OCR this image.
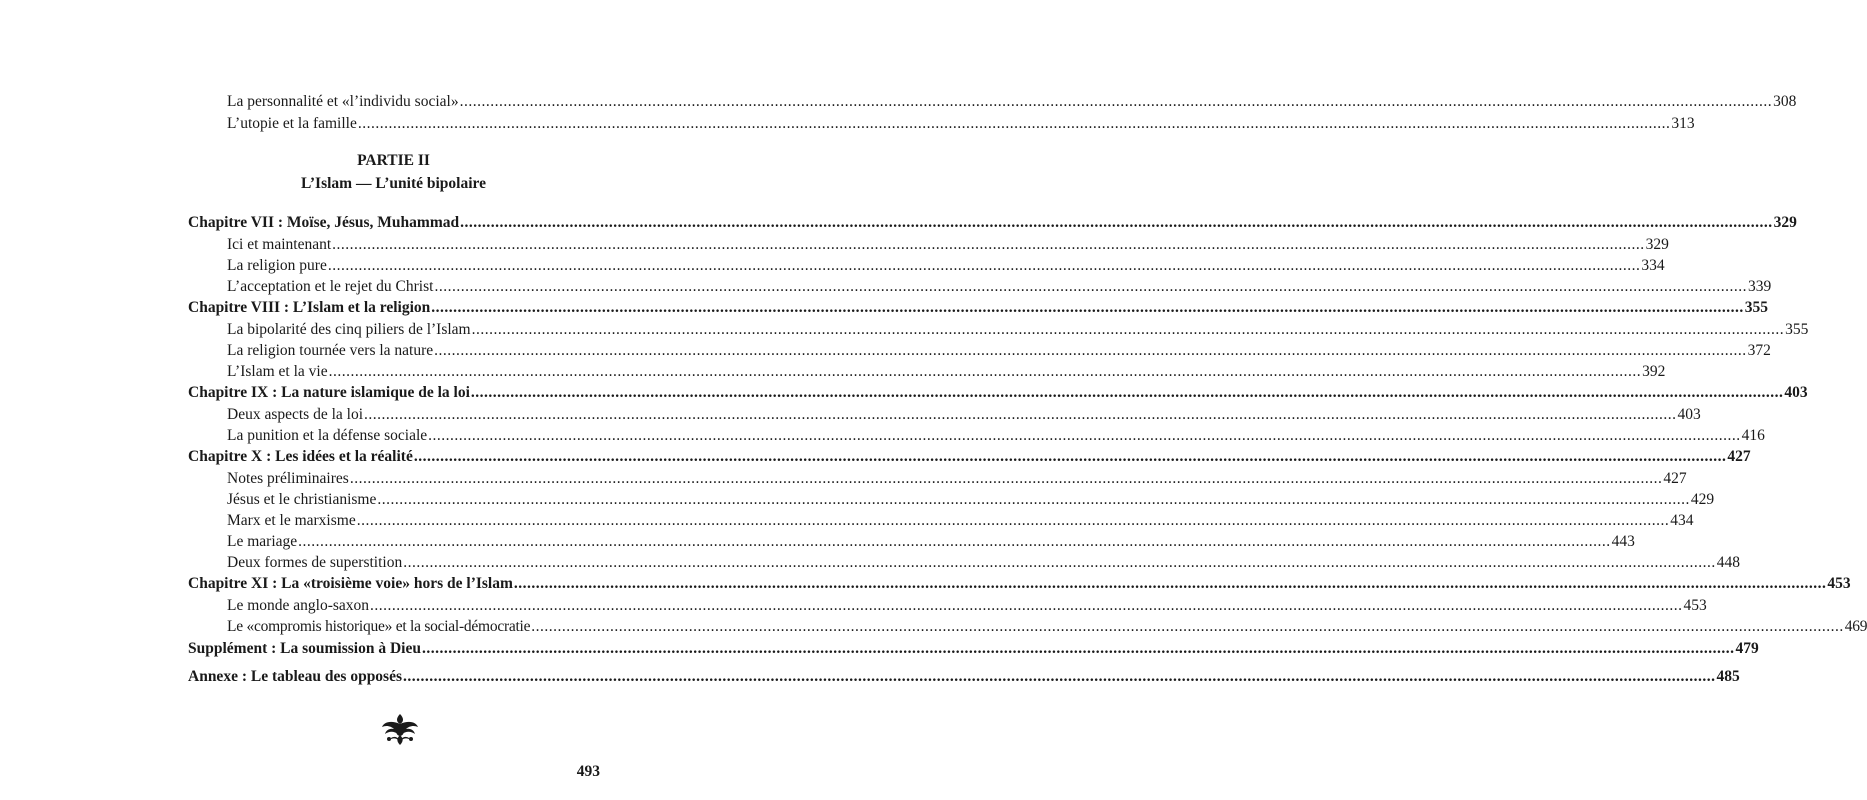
La personnalité et «l’individu social» ............................................................................................................................................................................................................................................................................................................ 308
L’utopie et la famille ............................................................................................................................................................................................................................................................................................................ 313
PARTIE II
L’Islam — L’unité bipolaire
Chapitre VII : Moïse, Jésus, Muhammad ............................................................................................................................................................................................................................................................................................................ 329
Ici et maintenant ............................................................................................................................................................................................................................................................................................................ 329
La religion pure ............................................................................................................................................................................................................................................................................................................ 334
L’acceptation et le rejet du Christ ............................................................................................................................................................................................................................................................................................................ 339
Chapitre VIII : L’Islam et la religion ............................................................................................................................................................................................................................................................................................................ 355
La bipolarité des cinq piliers de l’Islam ............................................................................................................................................................................................................................................................................................................ 355
La religion tournée vers la nature ............................................................................................................................................................................................................................................................................................................ 372
L’Islam et la vie ............................................................................................................................................................................................................................................................................................................ 392
Chapitre IX : La nature islamique de la loi ............................................................................................................................................................................................................................................................................................................ 403
Deux aspects de la loi ............................................................................................................................................................................................................................................................................................................ 403
La punition et la défense sociale ............................................................................................................................................................................................................................................................................................................ 416
Chapitre X : Les idées et la réalité ............................................................................................................................................................................................................................................................................................................ 427
Notes préliminaires ............................................................................................................................................................................................................................................................................................................ 427
Jésus et le christianisme ............................................................................................................................................................................................................................................................................................................ 429
Marx et le marxisme ............................................................................................................................................................................................................................................................................................................ 434
Le mariage ............................................................................................................................................................................................................................................................................................................ 443
Deux formes de superstition ............................................................................................................................................................................................................................................................................................................ 448
Chapitre XI : La «troisième voie» hors de l’Islam ............................................................................................................................................................................................................................................................................................................ 453
Le monde anglo-saxon ............................................................................................................................................................................................................................................................................................................ 453
Le «compromis historique» et la social-démocratie ............................................................................................................................................................................................................................................................................................................ 469
Supplément : La soumission à Dieu ............................................................................................................................................................................................................................................................................................................ 479
Annexe : Le tableau des opposés ............................................................................................................................................................................................................................................................................................................ 485
493
